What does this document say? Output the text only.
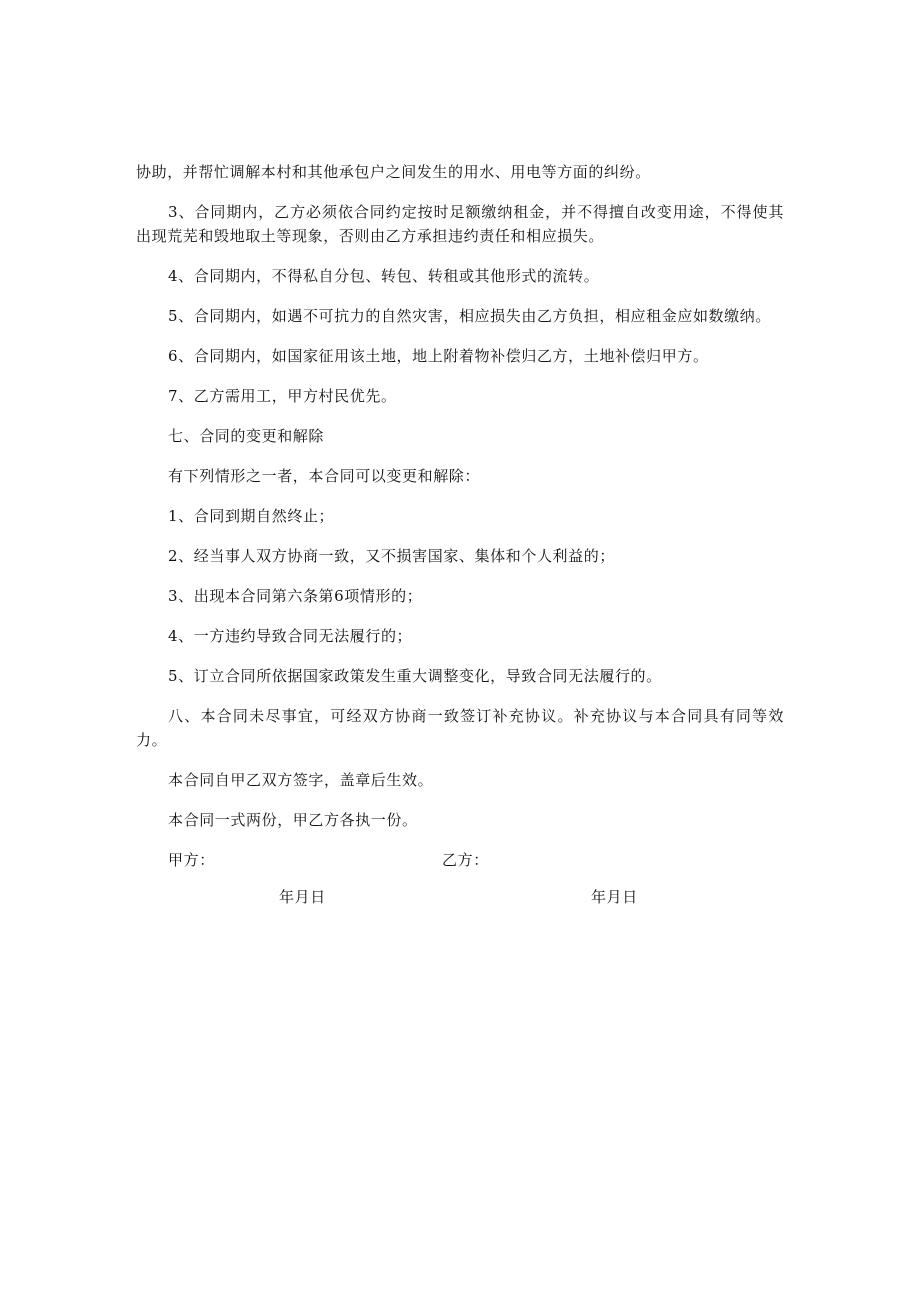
协助，并帮忙调解本村和其他承包户之间发生的用水、用电等方面的纠纷。

3、合同期内，乙方必须依合同约定按时足额缴纳租金，并不得擅自改变用途，不得使其出现荒芜和毁地取土等现象，否则由乙方承担违约责任和相应损失。

4、合同期内，不得私自分包、转包、转租或其他形式的流转。

5、合同期内，如遇不可抗力的自然灾害，相应损失由乙方负担，相应租金应如数缴纳。

6、合同期内，如国家征用该土地，地上附着物补偿归乙方，土地补偿归甲方。

7、乙方需用工，甲方村民优先。

七、合同的变更和解除

有下列情形之一者，本合同可以变更和解除：

1、合同到期自然终止；

2、经当事人双方协商一致，又不损害国家、集体和个人利益的；

3、出现本合同第六条第6项情形的；

4、一方违约导致合同无法履行的；

5、订立合同所依据国家政策发生重大调整变化，导致合同无法履行的。

八、本合同未尽事宜，可经双方协商一致签订补充协议。补充协议与本合同具有同等效力。

本合同自甲乙双方签字，盖章后生效。

本合同一式两份，甲乙方各执一份。

甲方：	乙方：
年月日	年月日
